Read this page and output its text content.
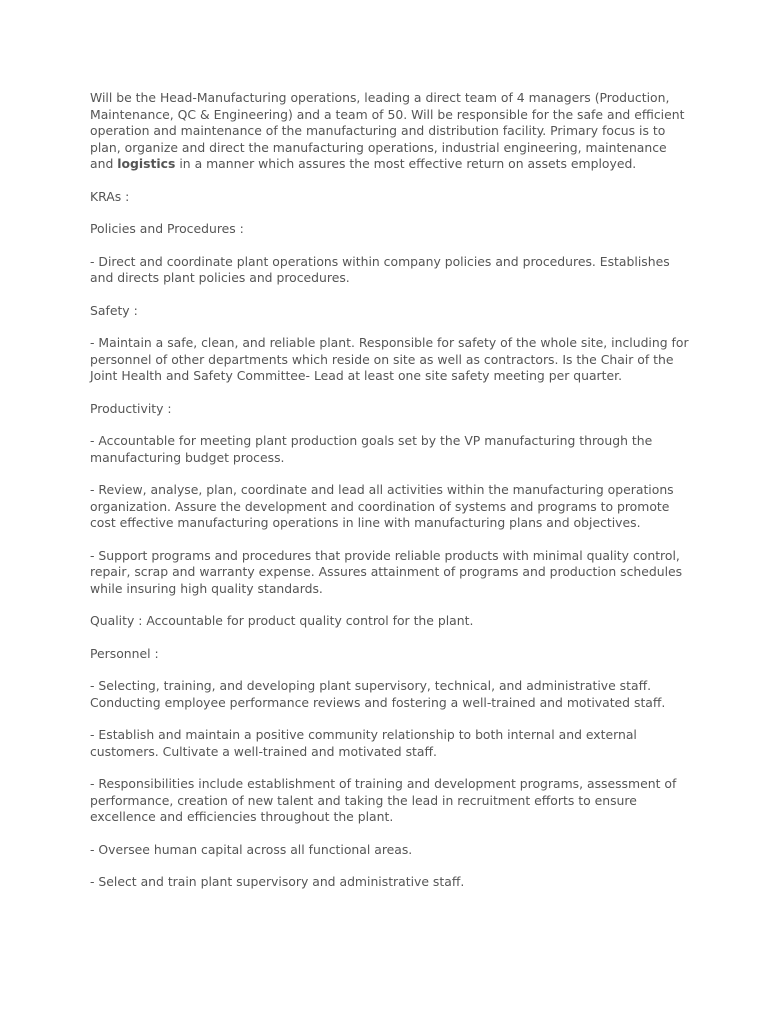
Will be the Head-Manufacturing operations, leading a direct team of 4 managers (Production, Maintenance, QC & Engineering) and a team of 50. Will be responsible for the safe and efficient operation and maintenance of the manufacturing and distribution facility. Primary focus is to plan, organize and direct the manufacturing operations, industrial engineering, maintenance and logistics in a manner which assures the most effective return on assets employed.

KRAs :

Policies and Procedures :

- Direct and coordinate plant operations within company policies and procedures. Establishes and directs plant policies and procedures.

Safety :

- Maintain a safe, clean, and reliable plant. Responsible for safety of the whole site, including for personnel of other departments which reside on site as well as contractors. Is the Chair of the Joint Health and Safety Committee- Lead at least one site safety meeting per quarter.

Productivity :

- Accountable for meeting plant production goals set by the VP manufacturing through the manufacturing budget process.

- Review, analyse, plan, coordinate and lead all activities within the manufacturing operations organization. Assure the development and coordination of systems and programs to promote cost effective manufacturing operations in line with manufacturing plans and objectives.

- Support programs and procedures that provide reliable products with minimal quality control, repair, scrap and warranty expense. Assures attainment of programs and production schedules while insuring high quality standards.

Quality : Accountable for product quality control for the plant.

Personnel :

- Selecting, training, and developing plant supervisory, technical, and administrative staff. Conducting employee performance reviews and fostering a well-trained and motivated staff.

- Establish and maintain a positive community relationship to both internal and external customers. Cultivate a well-trained and motivated staff.

- Responsibilities include establishment of training and development programs, assessment of performance, creation of new talent and taking the lead in recruitment efforts to ensure excellence and efficiencies throughout the plant.

- Oversee human capital across all functional areas.

- Select and train plant supervisory and administrative staff.
